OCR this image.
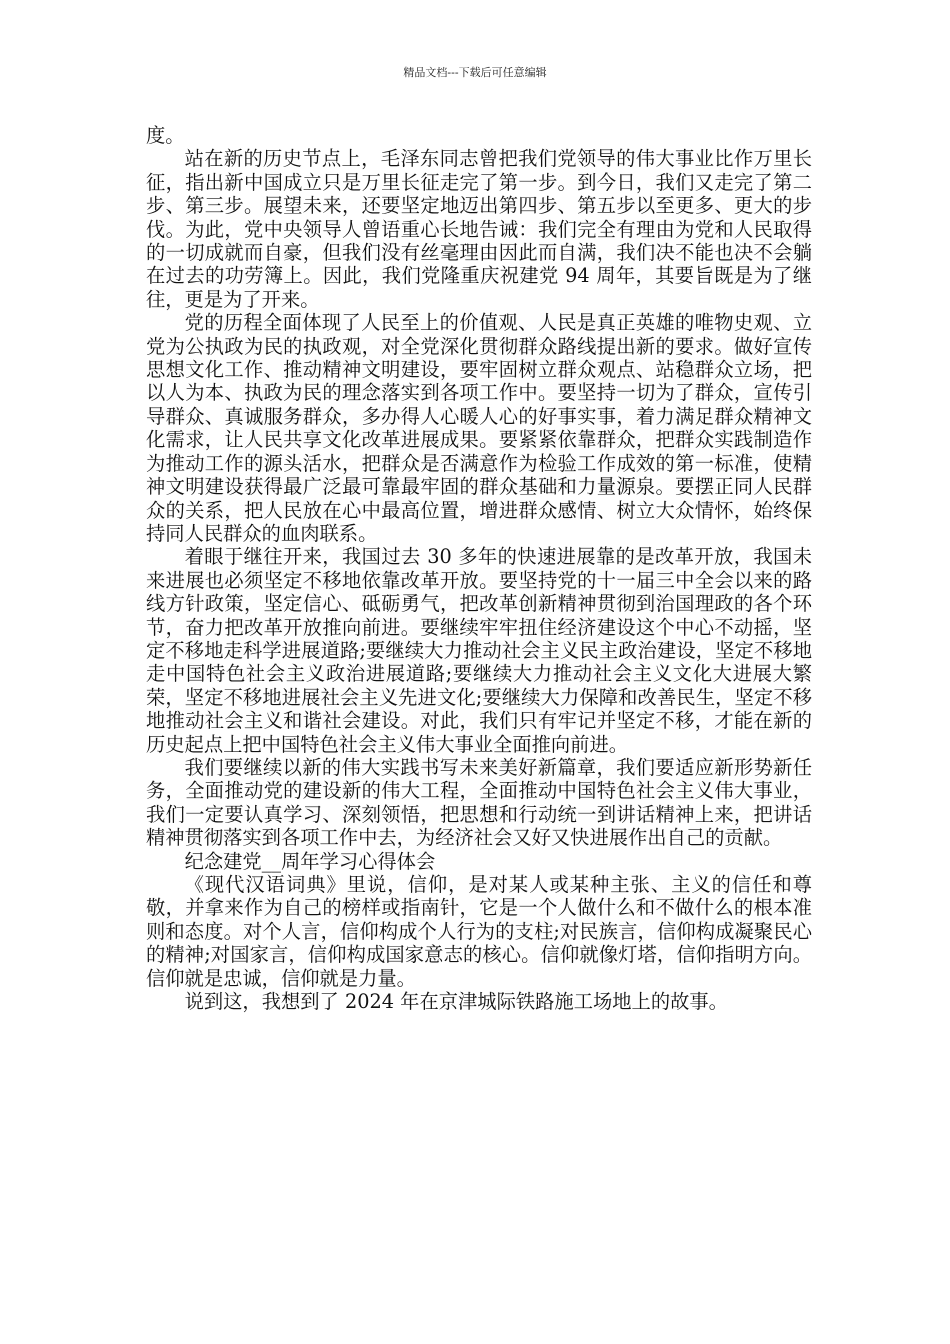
精品文档---下载后可任意编辑

度。

站在新的历史节点上，毛泽东同志曾把我们党领导的伟大事业比作万里长征，指出新中国成立只是万里长征走完了第一步。到今日，我们又走完了第二步、第三步。展望未来，还要坚定地迈出第四步、第五步以至更多、更大的步伐。为此，党中央领导人曾语重心长地告诫：我们完全有理由为党和人民取得的一切成就而自豪，但我们没有丝毫理由因此而自满，我们决不能也决不会躺在过去的功劳簿上。因此，我们党隆重庆祝建党 94 周年，其要旨既是为了继往，更是为了开来。

党的历程全面体现了人民至上的价值观、人民是真正英雄的唯物史观、立党为公执政为民的执政观，对全党深化贯彻群众路线提出新的要求。做好宣传思想文化工作、推动精神文明建设，要牢固树立群众观点、站稳群众立场，把以人为本、执政为民的理念落实到各项工作中。要坚持一切为了群众，宣传引导群众、真诚服务群众，多办得人心暖人心的好事实事，着力满足群众精神文化需求，让人民共享文化改革进展成果。要紧紧依靠群众，把群众实践制造作为推动工作的源头活水，把群众是否满意作为检验工作成效的第一标准，使精神文明建设获得最广泛最可靠最牢固的群众基础和力量源泉。要摆正同人民群众的关系，把人民放在心中最高位置，增进群众感情、树立大众情怀，始终保持同人民群众的血肉联系。

着眼于继往开来，我国过去 30 多年的快速进展靠的是改革开放，我国未来进展也必须坚定不移地依靠改革开放。要坚持党的十一届三中全会以来的路线方针政策，坚定信心、砥砺勇气，把改革创新精神贯彻到治国理政的各个环节，奋力把改革开放推向前进。要继续牢牢扭住经济建设这个中心不动摇，坚定不移地走科学进展道路;要继续大力推动社会主义民主政治建设，坚定不移地走中国特色社会主义政治进展道路;要继续大力推动社会主义文化大进展大繁荣，坚定不移地进展社会主义先进文化;要继续大力保障和改善民生，坚定不移地推动社会主义和谐社会建设。对此，我们只有牢记并坚定不移，才能在新的历史起点上把中国特色社会主义伟大事业全面推向前进。

我们要继续以新的伟大实践书写未来美好新篇章，我们要适应新形势新任务，全面推动党的建设新的伟大工程，全面推动中国特色社会主义伟大事业，我们一定要认真学习、深刻领悟，把思想和行动统一到讲话精神上来，把讲话精神贯彻落实到各项工作中去，为经济社会又好又快进展作出自己的贡献。

纪念建党__周年学习心得体会

《现代汉语词典》里说，信仰，是对某人或某种主张、主义的信任和尊敬，并拿来作为自己的榜样或指南针，它是一个人做什么和不做什么的根本准则和态度。对个人言，信仰构成个人行为的支柱;对民族言，信仰构成凝聚民心的精神;对国家言，信仰构成国家意志的核心。信仰就像灯塔，信仰指明方向。信仰就是忠诚，信仰就是力量。

说到这，我想到了 2024 年在京津城际铁路施工场地上的故事。
